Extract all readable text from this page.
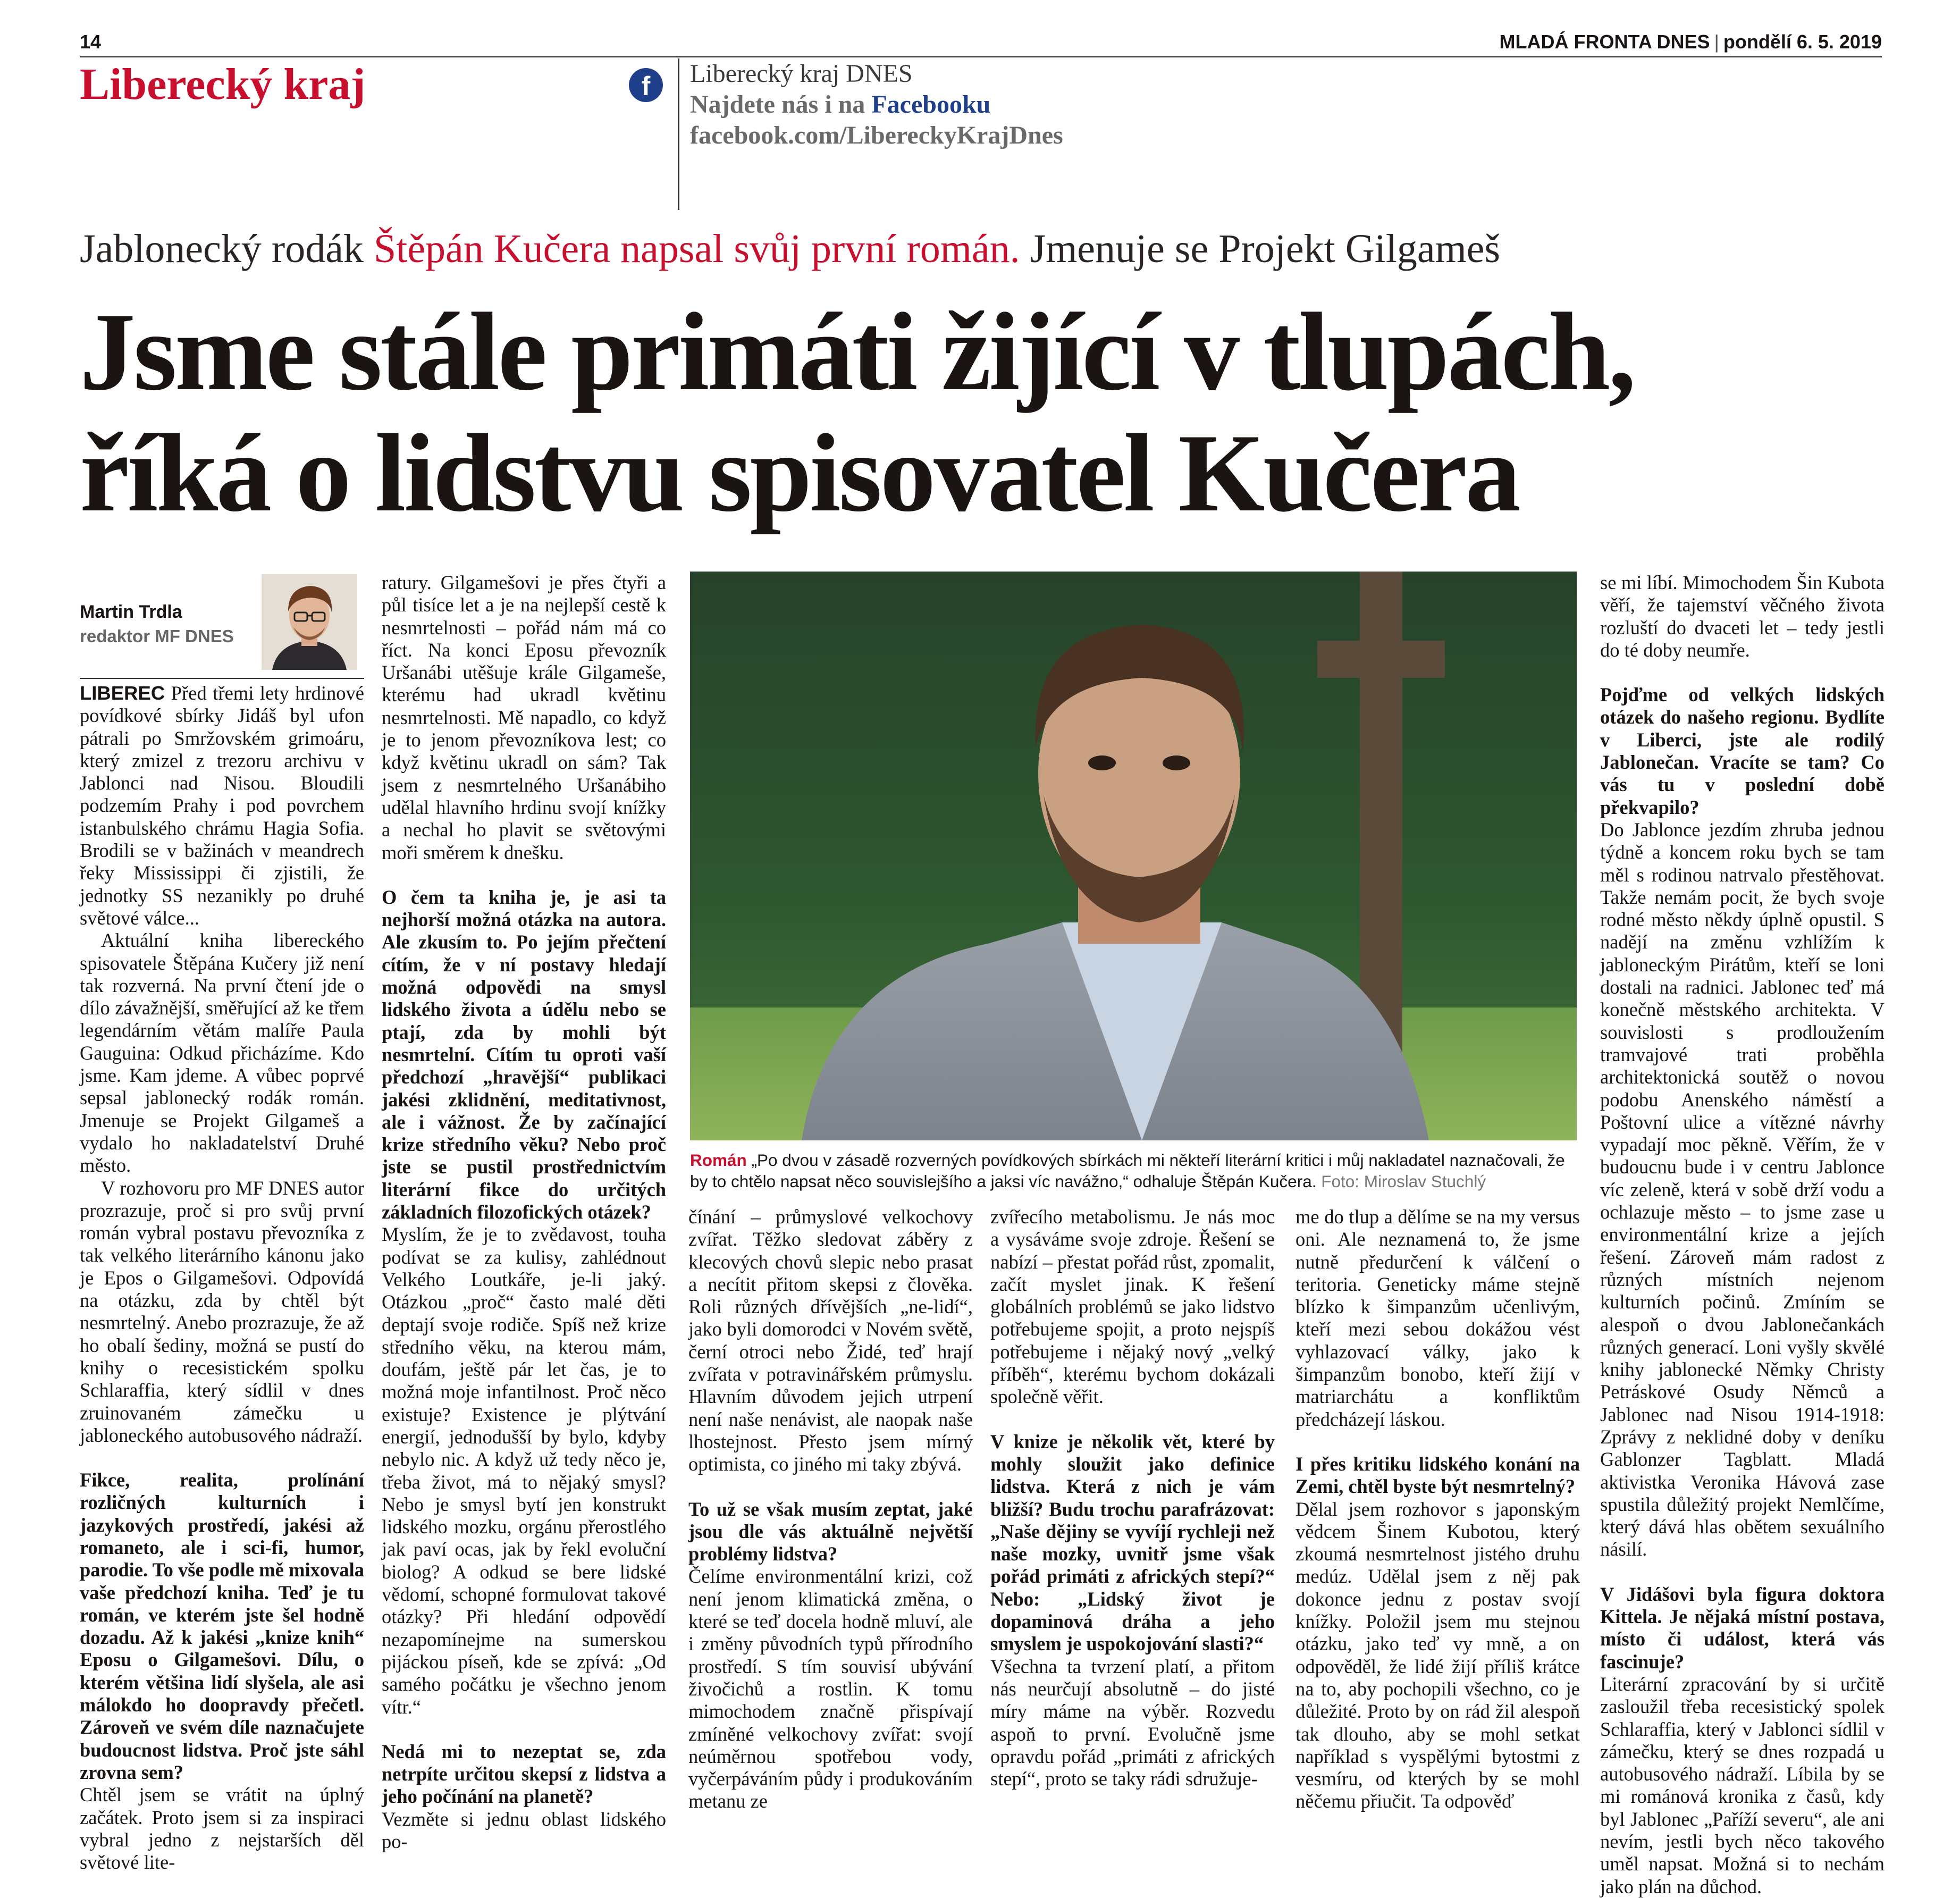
14	MLADÁ FRONTA DNES | pondělí 6. 5. 2019
Liberecký kraj	f	Liberecký kraj DNES
Najdete nás i na Facebooku
facebook.com/LibereckyKrajDnes
Jablonecký rodák Štěpán Kučera napsal svůj první román. Jmenuje se Projekt Gilgameš
Jsme stále primáti žijící v tlupách,
říká o lidstvu spisovatel Kučera
Martin Trdla
redaktor MF DNES
Román „Po dvou v zásadě rozverných povídkových sbírkách mi někteří literární kritici i můj nakladatel naznačovali, že by to chtělo napsat něco souvislejšího a jaksi víc navážno,“ odhaluje Štěpán Kučera. Foto: Miroslav Stuchlý

LIBEREC Před třemi lety hrdinové povídkové sbírky Jidáš byl ufon pátrali po Smržovském grimoáru, který zmizel z trezoru archivu v Jablonci nad Nisou. Bloudili podzemím Prahy i pod povrchem istanbulského chrámu Hagia Sofia. Brodili se v bažinách v meandrech řeky Mississippi či zjistili, že jednotky SS nezanikly po druhé světové válce...

Aktuální kniha libereckého spisovatele Štěpána Kučery již není tak rozverná. Na první čtení jde o dílo závažnější, směřující až ke třem legendárním větám malíře Paula Gauguina: Odkud přicházíme. Kdo jsme. Kam jdeme. A vůbec poprvé sepsal jablonecký rodák román. Jmenuje se Projekt Gilgameš a vydalo ho nakladatelství Druhé město.

V rozhovoru pro MF DNES autor prozrazuje, proč si pro svůj první román vybral postavu převozníka z tak velkého literárního kánonu jako je Epos o Gilgamešovi. Odpovídá na otázku, zda by chtěl být nesmrtelný. Anebo prozrazuje, že až ho obalí šediny, možná se pustí do knihy o recesistickém spolku Schlaraffia, který sídlil v dnes zruinovaném zámečku u jabloneckého autobusového nádraží.

Fikce, realita, prolínání rozličných kulturních i jazykových prostředí, jakési až romaneto, ale i sci-fi, humor, parodie. To vše podle mě mixovala vaše předchozí kniha. Teď je tu román, ve kterém jste šel hodně dozadu. Až k jakési „knize knih“ Eposu o Gilgamešovi. Dílu, o kterém většina lidí slyšela, ale asi málokdo ho doopravdy přečetl. Zároveň ve svém díle naznačujete budoucnost lidstva. Proč jste sáhl zrovna sem?

Chtěl jsem se vrátit na úplný začátek. Proto jsem si za inspiraci vybral jedno z nejstarších děl světové lite-

ratury. Gilgamešovi je přes čtyři a půl tisíce let a je na nejlepší cestě k nesmrtelnosti – pořád nám má co říct. Na konci Eposu převozník Uršanábi utěšuje krále Gilgameše, kterému had ukradl květinu nesmrtelnosti. Mě napadlo, co když je to jenom převozníkova lest; co když květinu ukradl on sám? Tak jsem z nesmrtelného Uršanábiho udělal hlavního hrdinu svojí knížky a nechal ho plavit se světovými moři směrem k dnešku.

O čem ta kniha je, je asi ta nejhorší možná otázka na autora. Ale zkusím to. Po jejím přečtení cítím, že v ní postavy hledají možná odpovědi na smysl lidského života a údělu nebo se ptají, zda by mohli být nesmrtelní. Cítím tu oproti vaší předchozí „hravější“ publikaci jakési zklidnění, meditativnost, ale i vážnost. Že by začínající krize středního věku? Nebo proč jste se pustil prostřednictvím literární fikce do určitých základních filozofických otázek?

Myslím, že je to zvědavost, touha podívat se za kulisy, zahlédnout Velkého Loutkáře, je-li jaký. Otázkou „proč“ často malé děti deptají svoje rodiče. Spíš než krize středního věku, na kterou mám, doufám, ještě pár let čas, je to možná moje infantilnost. Proč něco existuje? Existence je plýtvání energií, jednodušší by bylo, kdyby nebylo nic. A když už tedy něco je, třeba život, má to nějaký smysl? Nebo je smysl bytí jen konstrukt lidského mozku, orgánu přerostlého jak paví ocas, jak by řekl evoluční biolog? A odkud se bere lidské vědomí, schopné formulovat takové otázky? Při hledání odpovědí nezapomínejme na sumerskou pijáckou píseň, kde se zpívá: „Od samého počátku je všechno jenom vítr.“

Nedá mi to nezeptat se, zda netrpíte určitou skepsí z lidstva a jeho počínání na planetě?

Vezměte si jednu oblast lidského po-

čínání – průmyslové velkochovy zvířat. Těžko sledovat záběry z klecových chovů slepic nebo prasat a necítit přitom skepsi z člověka. Roli různých dřívějších „ne-lidí“, jako byli domorodci v Novém světě, černí otroci nebo Židé, teď hrají zvířata v potravinářském průmyslu. Hlavním důvodem jejich utrpení není naše nenávist, ale naopak naše lhostejnost. Přesto jsem mírný optimista, co jiného mi taky zbývá.

To už se však musím zeptat, jaké jsou dle vás aktuálně největší problémy lidstva?

Čelíme environmentální krizi, což není jenom klimatická změna, o které se teď docela hodně mluví, ale i změny původních typů přírodního prostředí. S tím souvisí ubývání živočichů a rostlin. K tomu mimochodem značně přispívají zmíněné velkochovy zvířat: svojí neúměrnou spotřebou vody, vyčerpáváním půdy i produkováním metanu ze

zvířecího metabolismu. Je nás moc a vysáváme svoje zdroje. Řešení se nabízí – přestat pořád růst, zpomalit, začít myslet jinak. K řešení globálních problémů se jako lidstvo potřebujeme spojit, a proto nejspíš potřebujeme i nějaký nový „velký příběh“, kterému bychom dokázali společně věřit.

V knize je několik vět, které by mohly sloužit jako definice lidstva. Která z nich je vám bližší? Budu trochu parafrázovat: „Naše dějiny se vyvíjí rychleji než naše mozky, uvnitř jsme však pořád primáti z afrických stepí?“ Nebo: „Lidský život je dopaminová dráha a jeho smyslem je uspokojování slasti?“

Všechna ta tvrzení platí, a přitom nás neurčují absolutně – do jisté míry máme na výběr. Rozvedu aspoň to první. Evolučně jsme opravdu pořád „primáti z afrických stepí“, proto se taky rádi sdružuje-

me do tlup a dělíme se na my versus oni. Ale neznamená to, že jsme nutně předurčení k válčení o teritoria. Geneticky máme stejně blízko k šimpanzům učenlivým, kteří mezi sebou dokážou vést vyhlazovací války, jako k šimpanzům bonobo, kteří žijí v matriarchátu a konfliktům předcházejí láskou.

I přes kritiku lidského konání na Zemi, chtěl byste být nesmrtelný?

Dělal jsem rozhovor s japonským vědcem Šinem Kubotou, který zkoumá nesmrtelnost jistého druhu medúz. Udělal jsem z něj pak dokonce jednu z postav svojí knížky. Položil jsem mu stejnou otázku, jako teď vy mně, a on odpověděl, že lidé žijí příliš krátce na to, aby pochopili všechno, co je důležité. Proto by on rád žil alespoň tak dlouho, aby se mohl setkat například s vyspělými bytostmi z vesmíru, od kterých by se mohl něčemu přiučit. Ta odpověď

se mi líbí. Mimochodem Šin Kubota věří, že tajemství věčného života rozluští do dvaceti let – tedy jestli do té doby neumře.

Pojďme od velkých lidských otázek do našeho regionu. Bydlíte v Liberci, jste ale rodilý Jablonečan. Vracíte se tam? Co vás tu v poslední době překvapilo?

Do Jablonce jezdím zhruba jednou týdně a koncem roku bych se tam měl s rodinou natrvalo přestěhovat. Takže nemám pocit, že bych svoje rodné město někdy úplně opustil. S nadějí na změnu vzhlížím k jabloneckým Pirátům, kteří se loni dostali na radnici. Jablonec teď má konečně městského architekta. V souvislosti s prodloužením tramvajové trati proběhla architektonická soutěž o novou podobu Anenského náměstí a Poštovní ulice a vítězné návrhy vypadají moc pěkně. Věřím, že v budoucnu bude i v centru Jablonce víc zeleně, která v sobě drží vodu a ochlazuje město – to jsme zase u environmentální krize a jejích řešení. Zároveň mám radost z různých místních nejenom kulturních počinů. Zmíním se alespoň o dvou Jablonečankách různých generací. Loni vyšly skvělé knihy jablonecké Němky Christy Petráskové Osudy Němců a Jablonec nad Nisou 1914-1918: Zprávy z neklidné doby v deníku Gablonzer Tagblatt. Mladá aktivistka Veronika Hávová zase spustila důležitý projekt Nemlčíme, který dává hlas obětem sexuálního násilí.

V Jidášovi byla figura doktora Kittela. Je nějaká místní postava, místo či událost, která vás fascinuje?

Literární zpracování by si určitě zasloužil třeba recesistický spolek Schlaraffia, který v Jablonci sídlil v zámečku, který se dnes rozpadá u autobusového nádraží. Líbila by se mi románová kronika z časů, kdy byl Jablonec „Paříží severu“, ale ani nevím, jestli bych něco takového uměl napsat. Možná si to nechám jako plán na důchod.
